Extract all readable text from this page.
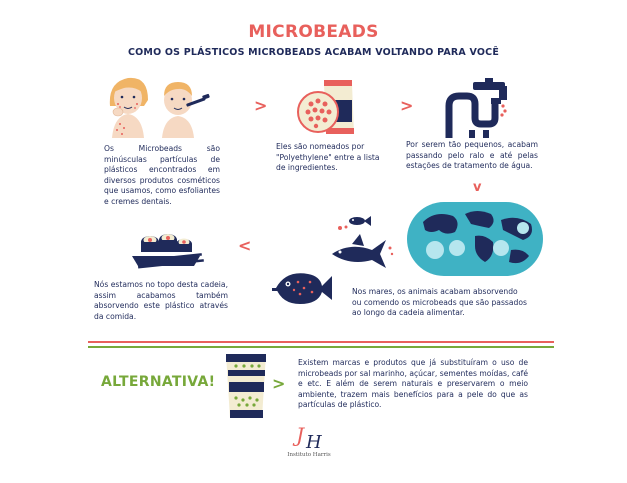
MICROBEADS
COMO OS PLÁSTICOS MICROBEADS ACABAM VOLTANDO PARA VOCÊ
Os Microbeads são minúsculas partículas de plásticos encontrados em diversos produtos cosméticos que usamos, como esfoliantes e cremes dentais.
>
Eles são nomeados por "Polyethylene" entre a lista de ingredientes.
>
Por serem tão pequenos, acabam passando pelo ralo e até pelas estações de tratamento de água.
v
Nos mares, os animais acabam absorvendo ou comendo os microbeads que são passados ao longo da cadeia alimentar.
<
Nós estamos no topo desta cadeia, assim acabamos também absorvendo este plástico através da comida.
ALTERNATIVA!	>
Existem marcas e produtos que já substituíram o uso de microbeads por sal marinho, açúcar, sementes moídas, café e etc. E além de serem naturais e preservarem o meio ambiente, trazem mais benefícios para a pele do que as partículas de plástico.
J H
Instituto Harris
